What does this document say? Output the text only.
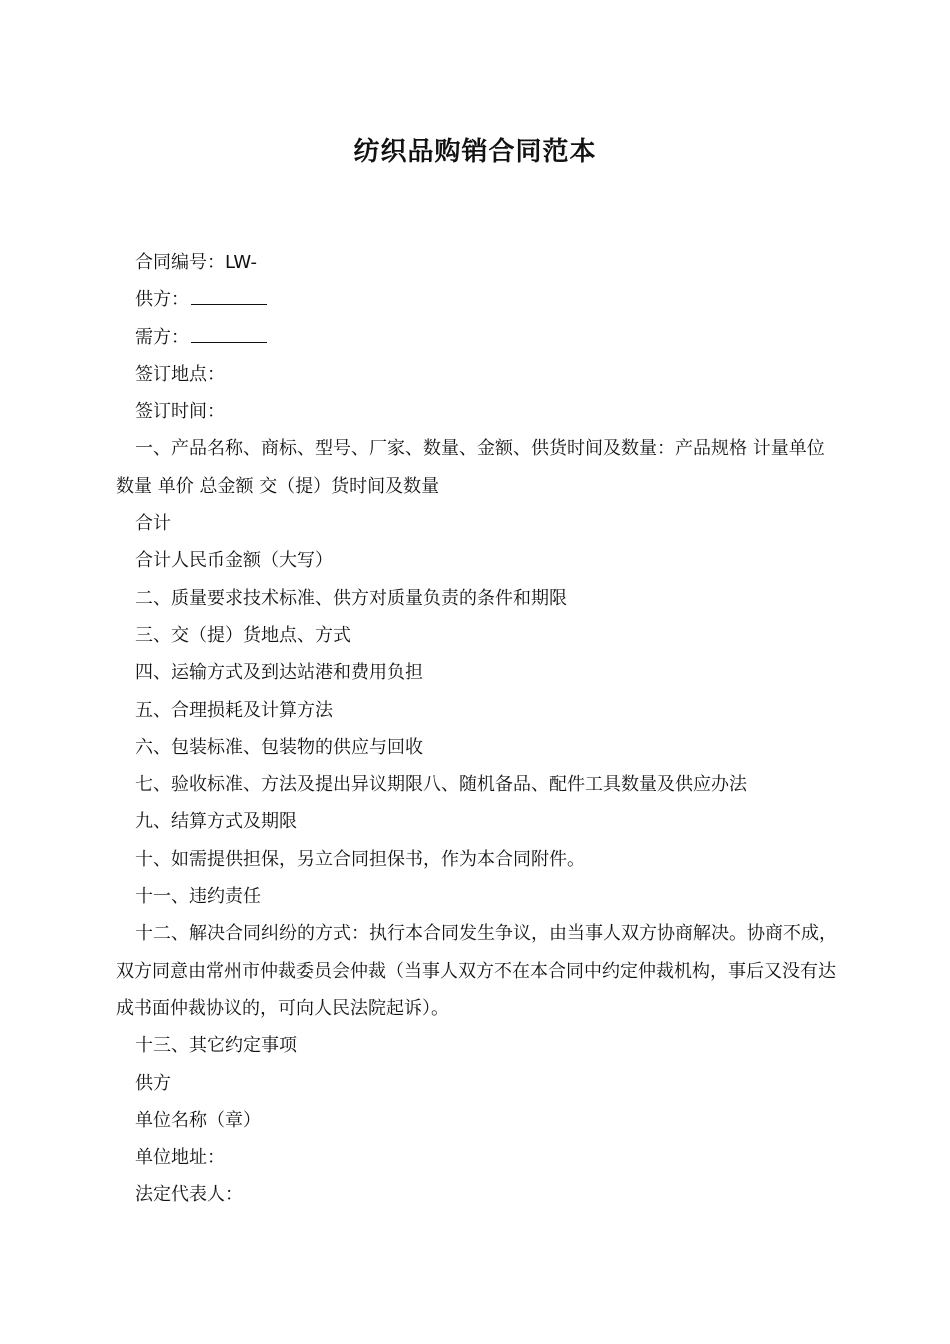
纺织品购销合同范本

合同编号：LW-

供方：

需方：

签订地点：

签订时间：

一、产品名称、商标、型号、厂家、数量、金额、供货时间及数量：产品规格 计量单位 数量 单价 总金额 交（提）货时间及数量

合计

合计人民币金额（大写）

二、质量要求技术标准、供方对质量负责的条件和期限

三、交（提）货地点、方式

四、运输方式及到达站港和费用负担

五、合理损耗及计算方法

六、包装标准、包装物的供应与回收

七、验收标准、方法及提出异议期限八、随机备品、配件工具数量及供应办法

九、结算方式及期限

十、如需提供担保，另立合同担保书，作为本合同附件。

十一、违约责任

十二、解决合同纠纷的方式：执行本合同发生争议，由当事人双方协商解决。协商不成，双方同意由常州市仲裁委员会仲裁（当事人双方不在本合同中约定仲裁机构，事后又没有达成书面仲裁协议的，可向人民法院起诉）。

十三、其它约定事项

供方

单位名称（章）

单位地址：

法定代表人：
